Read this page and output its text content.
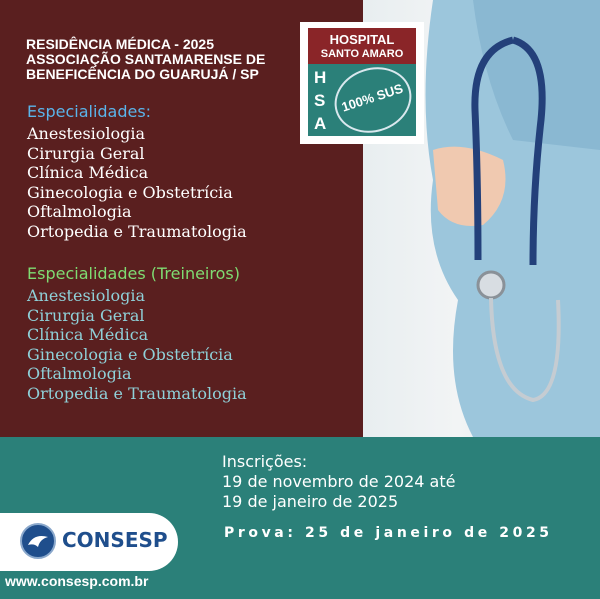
RESIDÊNCIA MÉDICA - 2025
ASSOCIAÇÃO SANTAMARENSE DE
BENEFICÊNCIA DO GUARUJÁ / SP
Especialidades:
Anestesiologia
Cirurgia Geral
Clínica Médica
Ginecologia e Obstetrícia
Oftalmologia
Ortopedia e Traumatologia
Especialidades (Treineiros)
Anestesiologia
Cirurgia Geral
Clínica Médica
Ginecologia e Obstetrícia
Oftalmologia
Ortopedia e Traumatologia
HOSPITAL
SANTO AMARO
H
S
A
100% SUS
Inscrições:
19 de novembro de 2024 até
19 de janeiro de 2025
Prova: 25 de janeiro de 2025
CONSESP
www.consesp.com.br
